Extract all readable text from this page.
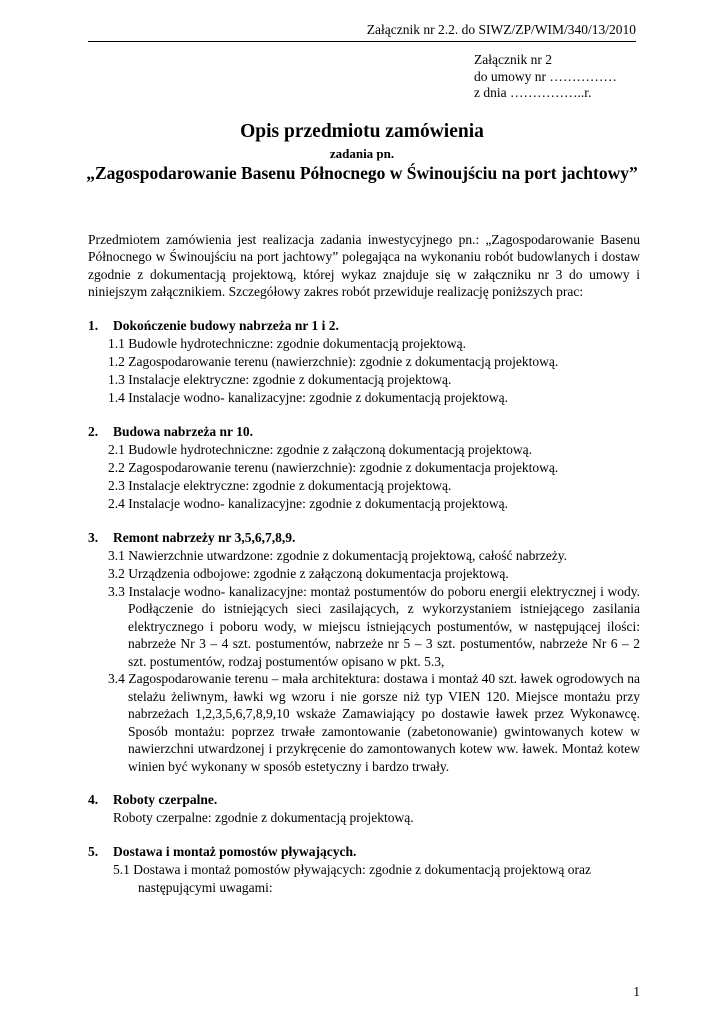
Załącznik nr 2.2. do SIWZ/ZP/WIM/340/13/2010
Załącznik nr 2
do umowy nr ……………
z dnia ……………..r.
Opis przedmiotu zamówienia
zadania pn.
„Zagospodarowanie Basenu Północnego w Świnoujściu na port jachtowy”

Przedmiotem zamówienia jest realizacja zadania inwestycyjnego pn.: „Zagospodarowanie Basenu Północnego w Świnoujściu na port jachtowy” polegająca na wykonaniu robót budowlanych i dostaw zgodnie z dokumentacją projektową, której wykaz znajduje się w załączniku nr 3 do umowy i niniejszym załącznikiem. Szczegółowy zakres robót przewiduje realizację poniższych prac:

1.	Dokończenie budowy nabrzeża nr 1 i 2.
1.1 Budowle hydrotechniczne: zgodnie dokumentacją projektową.
1.2 Zagospodarowanie terenu (nawierzchnie): zgodnie z dokumentacją projektową.
1.3 Instalacje elektryczne: zgodnie z dokumentacją projektową.
1.4 Instalacje wodno- kanalizacyjne: zgodnie z dokumentacją projektową.
2.	Budowa nabrzeża nr 10.
2.1 Budowle hydrotechniczne: zgodnie z załączoną dokumentacją projektową.
2.2 Zagospodarowanie terenu (nawierzchnie): zgodnie z dokumentacja projektową.
2.3 Instalacje elektryczne: zgodnie z dokumentacją projektową.
2.4 Instalacje wodno- kanalizacyjne: zgodnie z dokumentacją projektową.
3.	Remont nabrzeży nr 3,5,6,7,8,9.
3.1 Nawierzchnie utwardzone: zgodnie z dokumentacją projektową, całość nabrzeży.
3.2 Urządzenia odbojowe: zgodnie z załączoną dokumentacja projektową.
3.3 Instalacje wodno- kanalizacyjne: montaż postumentów do poboru energii elektrycznej i wody. Podłączenie do istniejących sieci zasilających, z wykorzystaniem istniejącego zasilania elektrycznego i poboru wody, w miejscu istniejących postumentów, w następującej ilości: nabrzeże Nr 3 – 4 szt. postumentów, nabrzeże nr 5 – 3 szt. postumentów, nabrzeże Nr 6 – 2 szt. postumentów, rodzaj postumentów opisano w pkt. 5.3,
3.4 Zagospodarowanie terenu – mała architektura: dostawa i montaż 40 szt. ławek ogrodowych na stelażu żeliwnym, ławki wg wzoru i nie gorsze niż typ VIEN 120. Miejsce montażu przy nabrzeżach 1,2,3,5,6,7,8,9,10 wskaże Zamawiający po dostawie ławek przez Wykonawcę. Sposób montażu: poprzez trwałe zamontowanie (zabetonowanie) gwintowanych kotew w nawierzchni utwardzonej i przykręcenie do zamontowanych kotew ww. ławek. Montaż kotew winien być wykonany w sposób estetyczny i bardzo trwały.
4.	Roboty czerpalne.
Roboty czerpalne: zgodnie z dokumentacją projektową.
5.	Dostawa i montaż pomostów pływających.
5.1 Dostawa i montaż pomostów pływających: zgodnie z dokumentacją projektową oraz następującymi uwagami:
1
